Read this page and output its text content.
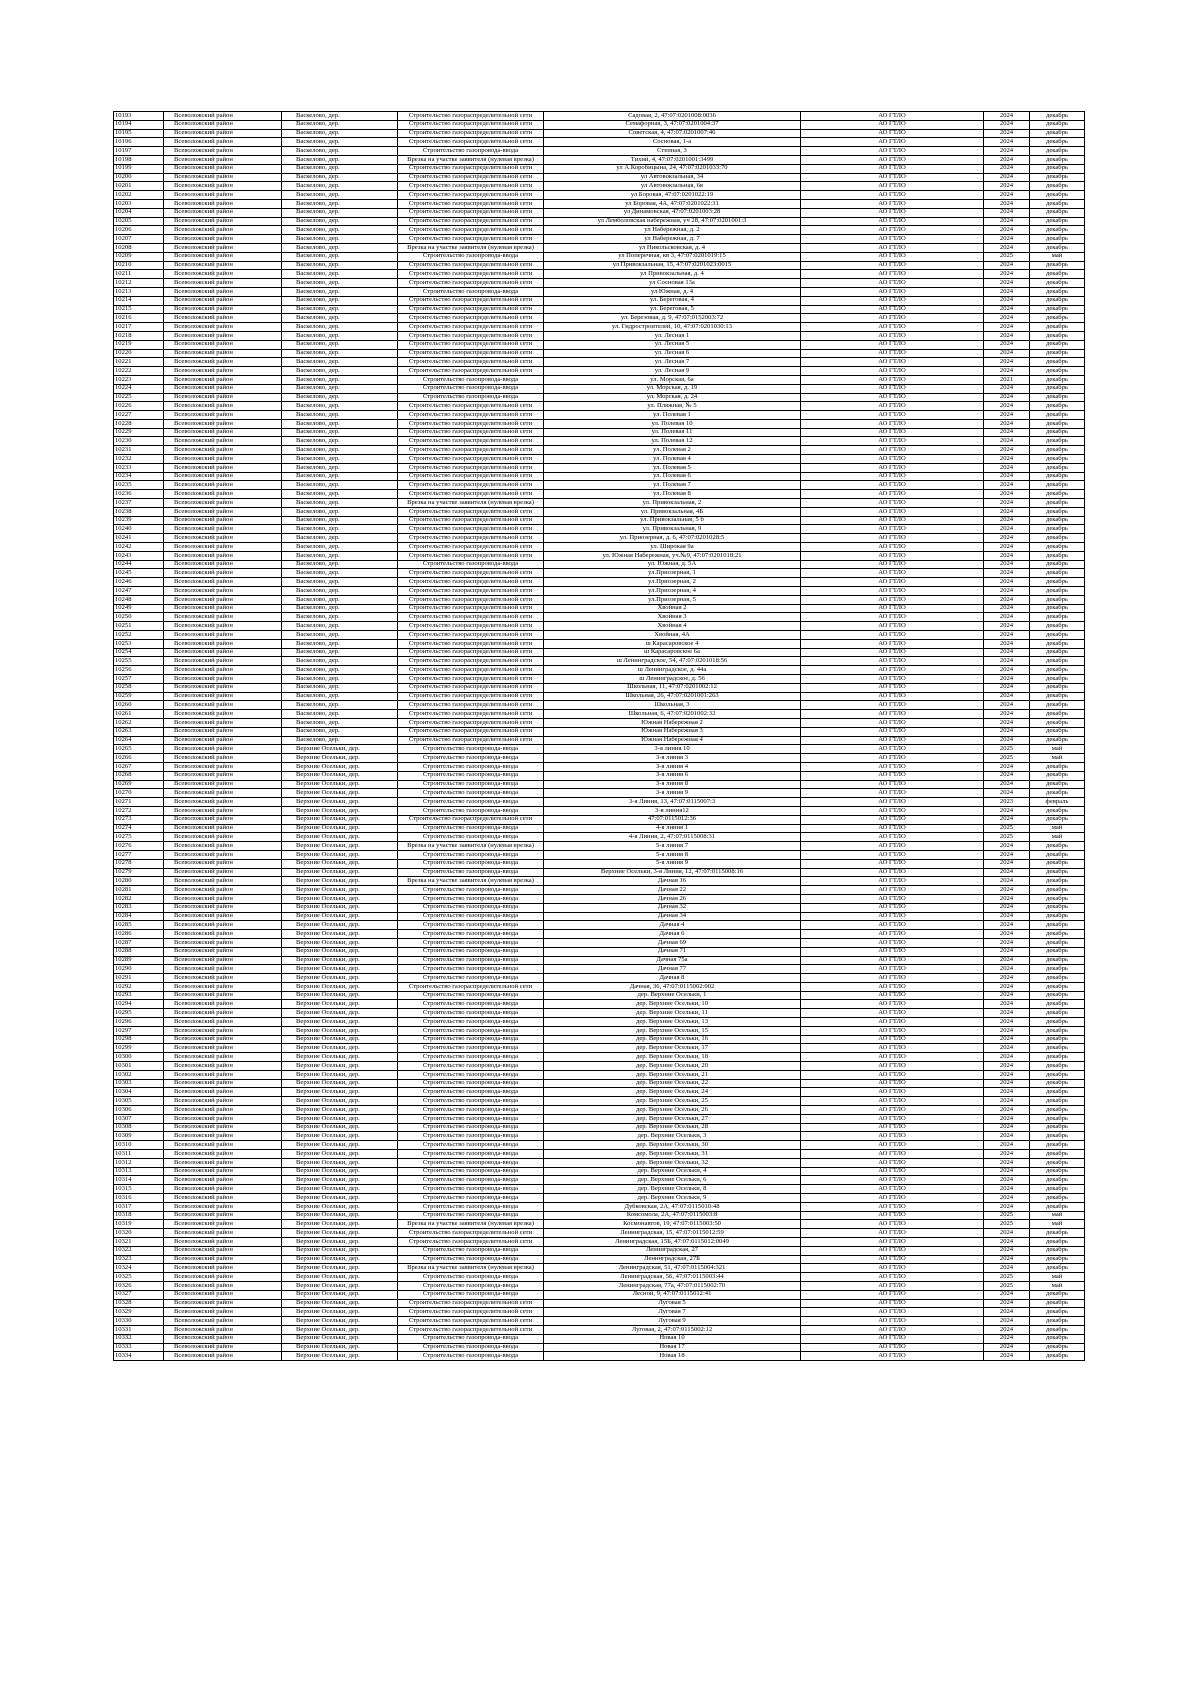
10193	Всеволожский район	Васкелово, дер.	Строительство газораспределительной сети	Садовая, 2, 47:07:0201008:0036	АО ГТЛО	2024	декабрь
10194	Всеволожский район	Васкелово, дер.	Строительство газораспределительной сети	Семафорная, 3, 47:07:0201004:37	АО ГТЛО	2024	декабрь
10195	Всеволожский район	Васкелово, дер.	Строительство газораспределительной сети	Советская, 4, 47:07:0201007:46	АО ГТЛО	2024	декабрь
10196	Всеволожский район	Васкелово, дер.	Строительство газораспределительной сети	Сосновая, 1-а	АО ГТЛО	2024	декабрь
10197	Всеволожский район	Васкелово, дер.	Строительство газопровода-ввода	Степная, 3	АО ГТЛО	2024	декабрь
10198	Всеволожский район	Васкелово, дер.	Врезка на участке заявителя (нулевая врезка)	Тихий, 4, 47:07:0201001:3499	АО ГТЛО	2024	декабрь
10199	Всеволожский район	Васкелово, дер.	Строительство газораспределительной сети	ул А.Коробицына, 24, 47:07:0201033:70	АО ГТЛО	2024	декабрь
10200	Всеволожский район	Васкелово, дер.	Строительство газораспределительной сети	ул Автовокзальная, 34	АО ГТЛО	2024	декабрь
10201	Всеволожский район	Васкелово, дер.	Строительство газораспределительной сети	ул Автовокзальная, 6в	АО ГТЛО	2024	декабрь
10202	Всеволожский район	Васкелово, дер.	Строительство газораспределительной сети	ул Боровая, 47:07:0201022:19	АО ГТЛО	2024	декабрь
10203	Всеволожский район	Васкелово, дер.	Строительство газораспределительной сети	ул Боровая, 4А, 47:07:0201022:31	АО ГТЛО	2024	декабрь
10204	Всеволожский район	Васкелово, дер.	Строительство газораспределительной сети	ул Динамовская, 47:07:0201003:28	АО ГТЛО	2024	декабрь
10205	Всеволожский район	Васкелово, дер.	Строительство газораспределительной сети	ул Лемболовская набережная, уч 28, 47:07:0201001:3	АО ГТЛО	2024	декабрь
10206	Всеволожский район	Васкелово, дер.	Строительство газораспределительной сети	ул Набережная, д. 2	АО ГТЛО	2024	декабрь
10207	Всеволожский район	Васкелово, дер.	Строительство газораспределительной сети	ул Набережная, д. 7	АО ГТЛО	2024	декабрь
10208	Всеволожский район	Васкелово, дер.	Врезка на участке заявителя (нулевая врезка)	ул Никольсковская, д. 4	АО ГТЛО	2024	декабрь
10209	Всеволожский район	Васкелово, дер.	Строительство газопровода-ввода	ул Поперечная, кв 3, 47:07:0201019:15	АО ГТЛО	2025	май
10210	Всеволожский район	Васкелово, дер.	Строительство газораспределительной сети	ул Привокзальная, 15, 47:07:0201023:0015	АО ГТЛО	2024	декабрь
10211	Всеволожский район	Васкелово, дер.	Строительство газораспределительной сети	ул Привокзальная, д. 4	АО ГТЛО	2024	декабрь
10212	Всеволожский район	Васкелово, дер.	Строительство газораспределительной сети	ул Сосновая 13а	АО ГТЛО	2024	декабрь
10213	Всеволожский район	Васкелово, дер.	Строительство газопровода-ввода	ул Южная, д. 4	АО ГТЛО	2024	декабрь
10214	Всеволожский район	Васкелово, дер.	Строительство газораспределительной сети	ул. Береговая, 4	АО ГТЛО	2024	декабрь
10215	Всеволожский район	Васкелово, дер.	Строительство газораспределительной сети	ул. Береговая, 5	АО ГТЛО	2024	декабрь
10216	Всеволожский район	Васкелово, дер.	Строительство газораспределительной сети	ул. Березовая, д. 9, 47:07:0152003:72	АО ГТЛО	2024	декабрь
10217	Всеволожский район	Васкелово, дер.	Строительство газораспределительной сети	ул. Гидростроителей, 10, 47:07:0201030:13	АО ГТЛО	2024	декабрь
10218	Всеволожский район	Васкелово, дер.	Строительство газораспределительной сети	ул. Лесная 1	АО ГТЛО	2024	декабрь
10219	Всеволожский район	Васкелово, дер.	Строительство газораспределительной сети	ул. Лесная 5	АО ГТЛО	2024	декабрь
10220	Всеволожский район	Васкелово, дер.	Строительство газораспределительной сети	ул. Лесная 6	АО ГТЛО	2024	декабрь
10221	Всеволожский район	Васкелово, дер.	Строительство газораспределительной сети	ул. Лесная 7	АО ГТЛО	2024	декабрь
10222	Всеволожский район	Васкелово, дер.	Строительство газораспределительной сети	ул. Лесная 9	АО ГТЛО	2024	декабрь
10223	Всеволожский район	Васкелово, дер.	Строительство газопровода-ввода	ул. Морская, 6а	АО ГТЛО	2021	декабрь
10224	Всеволожский район	Васкелово, дер.	Строительство газопровода-ввода	ул. Морская, д. 19	АО ГТЛО	2024	декабрь
10225	Всеволожский район	Васкелово, дер.	Строительство газопровода-ввода	ул. Морская, д. 24	АО ГТЛО	2024	декабрь
10226	Всеволожский район	Васкелово, дер.	Строительство газораспределительной сети	ул. Пляжная, № 5	АО ГТЛО	2024	декабрь
10227	Всеволожский район	Васкелово, дер.	Строительство газораспределительной сети	ул. Полевая 1	АО ГТЛО	2024	декабрь
10228	Всеволожский район	Васкелово, дер.	Строительство газораспределительной сети	ул. Полевая 10	АО ГТЛО	2024	декабрь
10229	Всеволожский район	Васкелово, дер.	Строительство газораспределительной сети	ул. Полевая 11	АО ГТЛО	2024	декабрь
10230	Всеволожский район	Васкелово, дер.	Строительство газораспределительной сети	ул. Полевая 12	АО ГТЛО	2024	декабрь
10231	Всеволожский район	Васкелово, дер.	Строительство газораспределительной сети	ул. Полевая 2	АО ГТЛО	2024	декабрь
10232	Всеволожский район	Васкелово, дер.	Строительство газораспределительной сети	ул. Полевая 4	АО ГТЛО	2024	декабрь
10233	Всеволожский район	Васкелово, дер.	Строительство газораспределительной сети	ул. Полевая 5	АО ГТЛО	2024	декабрь
10234	Всеволожский район	Васкелово, дер.	Строительство газораспределительной сети	ул. Полевая 6	АО ГТЛО	2024	декабрь
10235	Всеволожский район	Васкелово, дер.	Строительство газораспределительной сети	ул. Полевая 7	АО ГТЛО	2024	декабрь
10236	Всеволожский район	Васкелово, дер.	Строительство газораспределительной сети	ул. Полевая 8	АО ГТЛО	2024	декабрь
10237	Всеволожский район	Васкелово, дер.	Врезка на участке заявителя (нулевая врезка)	ул. Привокзальная, 2	АО ГТЛО	2024	декабрь
10238	Всеволожский район	Васкелово, дер.	Строительство газораспределительной сети	ул. Привокзальная, 4Б	АО ГТЛО	2024	декабрь
10239	Всеволожский район	Васкелово, дер.	Строительство газораспределительной сети	ул. Привокзальная, 5 б	АО ГТЛО	2024	декабрь
10240	Всеволожский район	Васкелово, дер.	Строительство газораспределительной сети	ул. Привокзальная, 9	АО ГТЛО	2024	декабрь
10241	Всеволожский район	Васкелово, дер.	Строительство газораспределительной сети	ул. Приозерная, д. 6, 47:07:0201028:5	АО ГТЛО	2024	декабрь
10242	Всеволожский район	Васкелово, дер.	Строительство газораспределительной сети	ул. Широкая 9а	АО ГТЛО	2024	декабрь
10243	Всеволожский район	Васкелово, дер.	Строительство газораспределительной сети	ул. Южная Набережная, уч.№9, 47:07:0201018:21	АО ГТЛО	2024	декабрь
10244	Всеволожский район	Васкелово, дер.	Строительство газопровода-ввода	ул. Южная, д. 5А	АО ГТЛО	2024	декабрь
10245	Всеволожский район	Васкелово, дер.	Строительство газораспределительной сети	ул.Приозерная, 1	АО ГТЛО	2024	декабрь
10246	Всеволожский район	Васкелово, дер.	Строительство газораспределительной сети	ул.Приозерная, 2	АО ГТЛО	2024	декабрь
10247	Всеволожский район	Васкелово, дер.	Строительство газораспределительной сети	ул.Приозерная, 4	АО ГТЛО	2024	декабрь
10248	Всеволожский район	Васкелово, дер.	Строительство газораспределительной сети	ул.Приозерная, 5	АО ГТЛО	2024	декабрь
10249	Всеволожский район	Васкелово, дер.	Строительство газораспределительной сети	Хвойная 2	АО ГТЛО	2024	декабрь
10250	Всеволожский район	Васкелово, дер.	Строительство газораспределительной сети	Хвойная 3	АО ГТЛО	2024	декабрь
10251	Всеволожский район	Васкелово, дер.	Строительство газораспределительной сети	Хвойная 4	АО ГТЛО	2024	декабрь
10252	Всеволожский район	Васкелово, дер.	Строительство газораспределительной сети	Хвойная, 4А	АО ГТЛО	2024	декабрь
10253	Всеволожский район	Васкелово, дер.	Строительство газораспределительной сети	ш Карасаровское 4	АО ГТЛО	2024	декабрь
10254	Всеволожский район	Васкелово, дер.	Строительство газораспределительной сети	ш Карасаровское 6а	АО ГТЛО	2024	декабрь
10255	Всеволожский район	Васкелово, дер.	Строительство газораспределительной сети	ш Ленинградское, 54, 47:07:0201018:56	АО ГТЛО	2024	декабрь
10256	Всеволожский район	Васкелово, дер.	Строительство газораспределительной сети	ш Ленинградское, д. 44а	АО ГТЛО	2024	декабрь
10257	Всеволожский район	Васкелово, дер.	Строительство газораспределительной сети	ш Ленинградское, д. 56	АО ГТЛО	2024	декабрь
10258	Всеволожский район	Васкелово, дер.	Строительство газораспределительной сети	Школьная, 11, 47:07:0201002:12	АО ГТЛО	2024	декабрь
10259	Всеволожский район	Васкелово, дер.	Строительство газораспределительной сети	Школьная, 26, 47:07:0201001:263	АО ГТЛО	2024	декабрь
10260	Всеволожский район	Васкелово, дер.	Строительство газораспределительной сети	Школьная, 3	АО ГТЛО	2024	декабрь
10261	Всеволожский район	Васкелово, дер.	Строительство газораспределительной сети	Школьная, 6, 47:07:0201002:32	АО ГТЛО	2024	декабрь
10262	Всеволожский район	Васкелово, дер.	Строительство газораспределительной сети	Южная Набережная 2	АО ГТЛО	2024	декабрь
10263	Всеволожский район	Васкелово, дер.	Строительство газораспределительной сети	Южная Набережная 3	АО ГТЛО	2024	декабрь
10264	Всеволожский район	Васкелово, дер.	Строительство газораспределительной сети	Южная Набережная 4	АО ГТЛО	2024	декабрь
10265	Всеволожский район	Верхние Осельки, дер.	Строительство газопровода-ввода	3-я линия 10	АО ГТЛО	2025	май
10266	Всеволожский район	Верхние Осельки, дер.	Строительство газопровода-ввода	3-я линия 3	АО ГТЛО	2025	май
10267	Всеволожский район	Верхние Осельки, дер.	Строительство газопровода-ввода	3-я линия 4	АО ГТЛО	2024	декабрь
10268	Всеволожский район	Верхние Осельки, дер.	Строительство газопровода-ввода	3-я линия 6	АО ГТЛО	2024	декабрь
10269	Всеволожский район	Верхние Осельки, дер.	Строительство газопровода-ввода	3-я линия 8	АО ГТЛО	2024	декабрь
10270	Всеволожский район	Верхние Осельки, дер.	Строительство газопровода-ввода	3-я линия 9	АО ГТЛО	2024	декабрь
10271	Всеволожский район	Верхние Осельки, дер.	Строительство газопровода-ввода	3-я Линия, 13, 47:07:0115007:3	АО ГТЛО	2023	февраль
10272	Всеволожский район	Верхние Осельки, дер.	Строительство газопровода-ввода	3-я линия12	АО ГТЛО	2024	декабрь
10273	Всеволожский район	Верхние Осельки, дер.	Строительство газораспределительной сети	47:07:0115012:36	АО ГТЛО	2024	декабрь
10274	Всеволожский район	Верхние Осельки, дер.	Строительство газопровода-ввода	4-я линия 1	АО ГТЛО	2025	май
10275	Всеволожский район	Верхние Осельки, дер.	Строительство газопровода-ввода	4-я Линия, 2, 47:07:0115008:31	АО ГТЛО	2025	май
10276	Всеволожский район	Верхние Осельки, дер.	Врезка на участке заявителя (нулевая врезка)	5-я линия 7	АО ГТЛО	2024	декабрь
10277	Всеволожский район	Верхние Осельки, дер.	Строительство газопровода-ввода	5-я линия 8	АО ГТЛО	2024	декабрь
10278	Всеволожский район	Верхние Осельки, дер.	Строительство газопровода-ввода	5-я линия 9	АО ГТЛО	2024	декабрь
10279	Всеволожский район	Верхние Осельки, дер.	Строительство газопровода-ввода	Верхние Осельки, 3-я Линия, 12, 47:07:0115008:16	АО ГТЛО	2024	декабрь
10280	Всеволожский район	Верхние Осельки, дер.	Врезка на участке заявителя (нулевая врезка)	Дачная 16	АО ГТЛО	2024	декабрь
10281	Всеволожский район	Верхние Осельки, дер.	Строительство газопровода-ввода	Дачная 22	АО ГТЛО	2024	декабрь
10282	Всеволожский район	Верхние Осельки, дер.	Строительство газопровода-ввода	Дачная 26	АО ГТЛО	2024	декабрь
10283	Всеволожский район	Верхние Осельки, дер.	Строительство газопровода-ввода	Дачная 32	АО ГТЛО	2024	декабрь
10284	Всеволожский район	Верхние Осельки, дер.	Строительство газопровода-ввода	Дачная 34	АО ГТЛО	2024	декабрь
10285	Всеволожский район	Верхние Осельки, дер.	Строительство газопровода-ввода	Дачная 4	АО ГТЛО	2024	декабрь
10286	Всеволожский район	Верхние Осельки, дер.	Строительство газопровода-ввода	Дачная 6	АО ГТЛО	2024	декабрь
10287	Всеволожский район	Верхние Осельки, дер.	Строительство газопровода-ввода	Дачная 69	АО ГТЛО	2024	декабрь
10288	Всеволожский район	Верхние Осельки, дер.	Строительство газопровода-ввода	Дачная 71	АО ГТЛО	2024	декабрь
10289	Всеволожский район	Верхние Осельки, дер.	Строительство газопровода-ввода	Дачная 75а	АО ГТЛО	2024	декабрь
10290	Всеволожский район	Верхние Осельки, дер.	Строительство газопровода-ввода	Дачная 77	АО ГТЛО	2024	декабрь
10291	Всеволожский район	Верхние Осельки, дер.	Строительство газопровода-ввода	Дачная 8	АО ГТЛО	2024	декабрь
10292	Всеволожский район	Верхние Осельки, дер.	Строительство газораспределительной сети	Дачная, 36, 47:07:0115002:002	АО ГТЛО	2024	декабрь
10293	Всеволожский район	Верхние Осельки, дер.	Строительство газопровода-ввода	дер. Верхние Осельки, 1	АО ГТЛО	2024	декабрь
10294	Всеволожский район	Верхние Осельки, дер.	Строительство газопровода-ввода	дер. Верхние Осельки, 10	АО ГТЛО	2024	декабрь
10295	Всеволожский район	Верхние Осельки, дер.	Строительство газопровода-ввода	дер. Верхние Осельки, 11	АО ГТЛО	2024	декабрь
10296	Всеволожский район	Верхние Осельки, дер.	Строительство газопровода-ввода	дер. Верхние Осельки, 13	АО ГТЛО	2024	декабрь
10297	Всеволожский район	Верхние Осельки, дер.	Строительство газопровода-ввода	дер. Верхние Осельки, 15	АО ГТЛО	2024	декабрь
10298	Всеволожский район	Верхние Осельки, дер.	Строительство газопровода-ввода	дер. Верхние Осельки, 16	АО ГТЛО	2024	декабрь
10299	Всеволожский район	Верхние Осельки, дер.	Строительство газопровода-ввода	дер. Верхние Осельки, 17	АО ГТЛО	2024	декабрь
10300	Всеволожский район	Верхние Осельки, дер.	Строительство газопровода-ввода	дер. Верхние Осельки, 18	АО ГТЛО	2024	декабрь
10301	Всеволожский район	Верхние Осельки, дер.	Строительство газопровода-ввода	дер. Верхние Осельки, 20	АО ГТЛО	2024	декабрь
10302	Всеволожский район	Верхние Осельки, дер.	Строительство газопровода-ввода	дер. Верхние Осельки, 21	АО ГТЛО	2024	декабрь
10303	Всеволожский район	Верхние Осельки, дер.	Строительство газопровода-ввода	дер. Верхние Осельки, 22	АО ГТЛО	2024	декабрь
10304	Всеволожский район	Верхние Осельки, дер.	Строительство газопровода-ввода	дер. Верхние Осельки, 24	АО ГТЛО	2024	декабрь
10305	Всеволожский район	Верхние Осельки, дер.	Строительство газопровода-ввода	дер. Верхние Осельки, 25	АО ГТЛО	2024	декабрь
10306	Всеволожский район	Верхние Осельки, дер.	Строительство газопровода-ввода	дер. Верхние Осельки, 26	АО ГТЛО	2024	декабрь
10307	Всеволожский район	Верхние Осельки, дер.	Строительство газопровода-ввода	дер. Верхние Осельки, 27	АО ГТЛО	2024	декабрь
10308	Всеволожский район	Верхние Осельки, дер.	Строительство газопровода-ввода	дер. Верхние Осельки, 28	АО ГТЛО	2024	декабрь
10309	Всеволожский район	Верхние Осельки, дер.	Строительство газопровода-ввода	дер. Верхние Осельки, 3	АО ГТЛО	2024	декабрь
10310	Всеволожский район	Верхние Осельки, дер.	Строительство газопровода-ввода	дер. Верхние Осельки, 30	АО ГТЛО	2024	декабрь
10311	Всеволожский район	Верхние Осельки, дер.	Строительство газопровода-ввода	дер. Верхние Осельки, 31	АО ГТЛО	2024	декабрь
10312	Всеволожский район	Верхние Осельки, дер.	Строительство газопровода-ввода	дер. Верхние Осельки, 32	АО ГТЛО	2024	декабрь
10313	Всеволожский район	Верхние Осельки, дер.	Строительство газопровода-ввода	дер. Верхние Осельки, 4	АО ГТЛО	2024	декабрь
10314	Всеволожский район	Верхние Осельки, дер.	Строительство газопровода-ввода	дер. Верхние Осельки, 6	АО ГТЛО	2024	декабрь
10315	Всеволожский район	Верхние Осельки, дер.	Строительство газопровода-ввода	дер. Верхние Осельки, 8	АО ГТЛО	2024	декабрь
10316	Всеволожский район	Верхние Осельки, дер.	Строительство газопровода-ввода	дер. Верхние Осельки, 9	АО ГТЛО	2024	декабрь
10317	Всеволожский район	Верхние Осельки, дер.	Строительство газопровода-ввода	Дубковская, 2А, 47:07:0115010:48	АО ГТЛО	2024	декабрь
10318	Всеволожский район	Верхние Осельки, дер.	Строительство газопровода-ввода	Комсомола, 2А, 47:07:0115003:8	АО ГТЛО	2025	май
10319	Всеволожский район	Верхние Осельки, дер.	Врезка на участке заявителя (нулевая врезка)	Космонавтов, 19, 47:07:0115003:50	АО ГТЛО	2025	май
10320	Всеволожский район	Верхние Осельки, дер.	Строительство газораспределительной сети	Ленинградская, 15, 47:07:0115012:59	АО ГТЛО	2024	декабрь
10321	Всеволожский район	Верхние Осельки, дер.	Строительство газораспределительной сети	Ленинградская, 15Б, 47:07:0115012:0049	АО ГТЛО	2024	декабрь
10322	Всеволожский район	Верхние Осельки, дер.	Строительство газопровода-ввода	Ленинградская, 27	АО ГТЛО	2024	декабрь
10323	Всеволожский район	Верхние Осельки, дер.	Строительство газопровода-ввода	Ленинградская, 27Б	АО ГТЛО	2024	декабрь
10324	Всеволожский район	Верхние Осельки, дер.	Врезка на участке заявителя (нулевая врезка)	Ленинградская, 51, 47:07:0115004:321	АО ГТЛО	2024	декабрь
10325	Всеволожский район	Верхние Осельки, дер.	Строительство газопровода-ввода	Ленинградская, 56, 47:07:0115003:44	АО ГТЛО	2025	май
10326	Всеволожский район	Верхние Осельки, дер.	Строительство газопровода-ввода	Ленинградская, 77а, 47:07:0115002:70	АО ГТЛО	2025	май
10327	Всеволожский район	Верхние Осельки, дер.	Строительство газопровода-ввода	Лесной, 9, 47:07:0115012:41	АО ГТЛО	2024	декабрь
10328	Всеволожский район	Верхние Осельки, дер.	Строительство газораспределительной сети	Луговая 5	АО ГТЛО	2024	декабрь
10329	Всеволожский район	Верхние Осельки, дер.	Строительство газораспределительной сети	Луговая 7	АО ГТЛО	2024	декабрь
10330	Всеволожский район	Верхние Осельки, дер.	Строительство газораспределительной сети	Луговая 9	АО ГТЛО	2024	декабрь
10331	Всеволожский район	Верхние Осельки, дер.	Строительство газораспределительной сети	Луговая, 2, 47:07:0115002:12	АО ГТЛО	2024	декабрь
10332	Всеволожский район	Верхние Осельки, дер.	Строительство газопровода-ввода	Новая 10	АО ГТЛО	2024	декабрь
10333	Всеволожский район	Верхние Осельки, дер.	Строительство газопровода-ввода	Новая 17	АО ГТЛО	2024	декабрь
10334	Всеволожский район	Верхние Осельки, дер.	Строительство газопровода-ввода	Новая 18	АО ГТЛО	2024	декабрь
